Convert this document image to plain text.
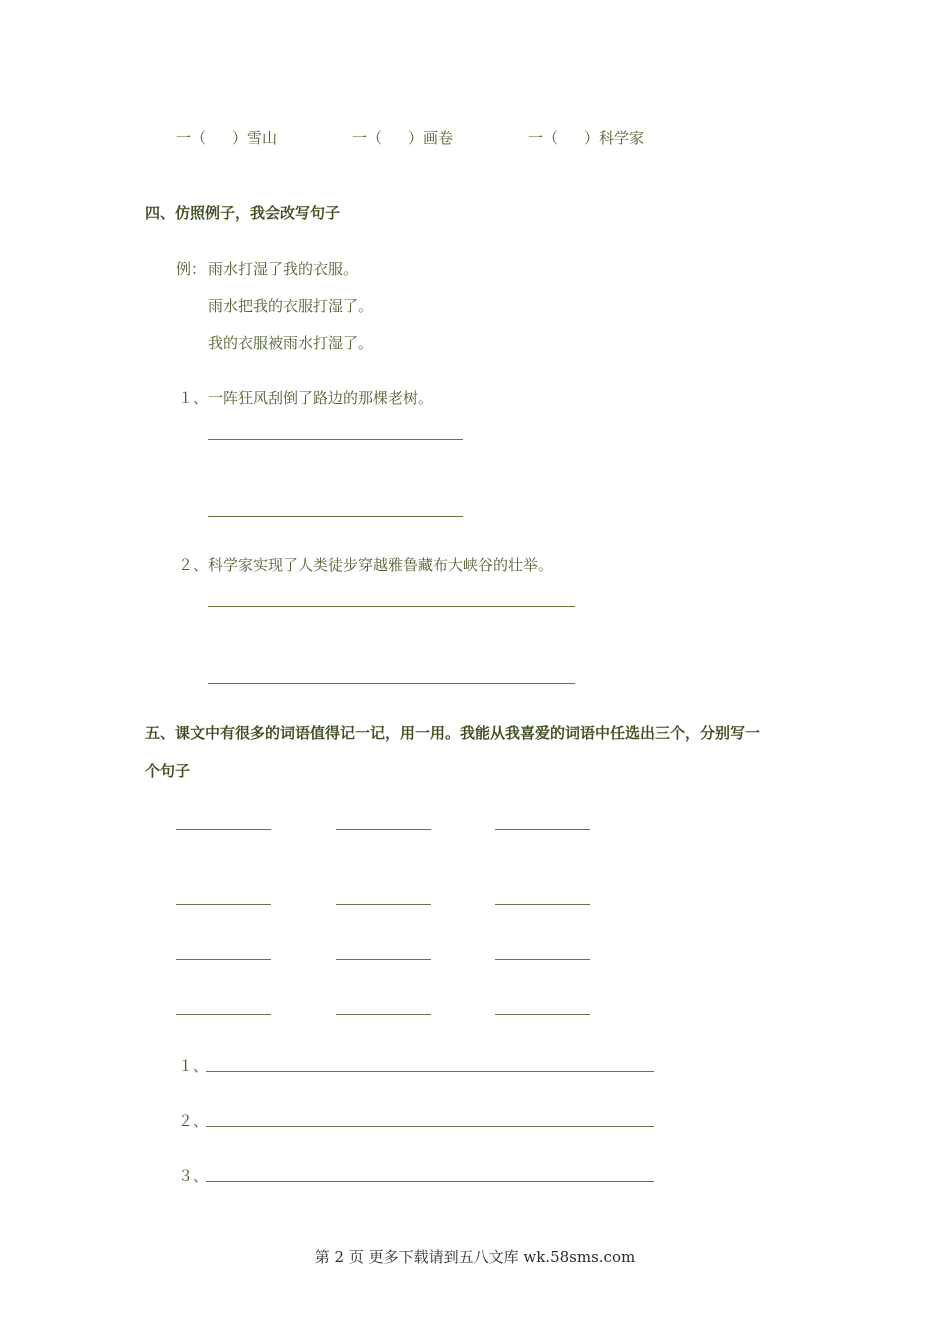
一（ ）雪山	一（ ）画卷	一（ ）科学家
四、仿照例子，我会改写句子
例： 雨水打湿了我的衣服。
雨水把我的衣服打湿了。
我的衣服被雨水打湿了。
１、一阵狂风刮倒了路边的那棵老树。
２、科学家实现了人类徒步穿越雅鲁藏布大峡谷的壮举。
五、课文中有很多的词语值得记一记，用一用。我能从我喜爱的词语中任选出三个，分别写一
个句子
１、
２、
３、
第 2 页 更多下载请到五八文库 wk.58sms.com
